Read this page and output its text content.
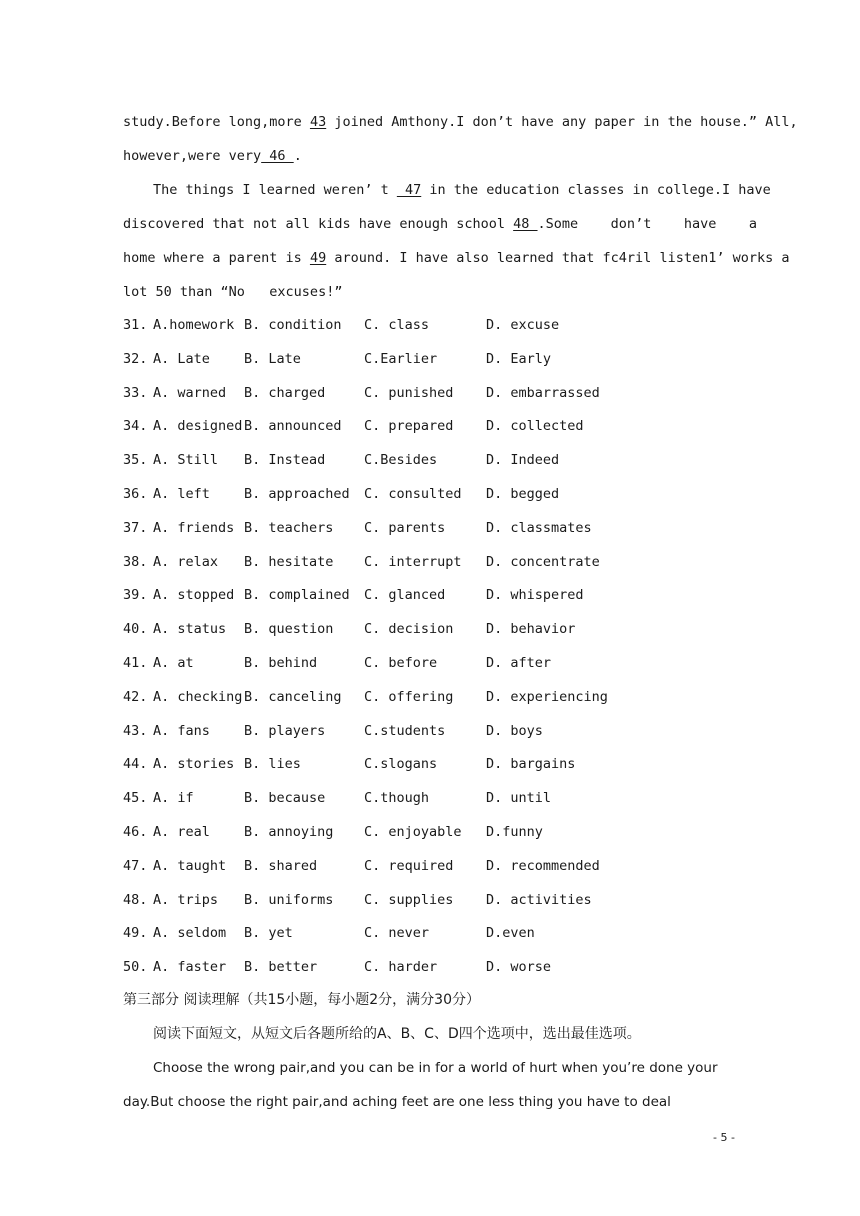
study.Before long,more 43 joined Amthony.I don’t have any paper in the house.” All,
however,were very 46 .
The things I learned weren’ t  47 in the education classes in college.I have
discovered that not all kids have enough school 48 .Some    don’t    have    a
home where a parent is 49 around. I have also learned that fc4ril listen1’ works a
lot 50 than “No   excuses!”
31. A.homework B. condition C. class	D. excuse
32. A. Late	B. Late	C.Earlier	D. Early
33. A. warned B. charged	C. punished D. embarrassed
34. A. designed B. announced C. prepared D. collected
35. A. Still B. Instead	C.Besides	D. Indeed
36. A. left	B. approached C. consulted D. begged
37. A. friends B. teachers C. parents	D. classmates
38. A. relax B. hesitate C. interrupt D. concentrate
39. A. stopped B. complained C. glanced	D. whispered
40. A. status B. question C. decision D. behavior
41. A. at	B. behind	C. before	D. after
42. A. checking B. canceling C. offering D. experiencing
43. A. fans	B. players	C.students	D. boys
44. A. stories B. lies	C.slogans	D. bargains
45. A. if	B. because	C.though	D. until
46. A. real	B. annoying C. enjoyable D.funny
47. A. taught B. shared	C. required D. recommended
48. A. trips B. uniforms C. supplies D. activities
49. A. seldom B. yet	C. never	D.even
50. A. faster B. better	C. harder	D. worse
第三部分 阅读理解（共15小题，每小题2分，满分30分）
阅读下面短文，从短文后各题所给的A、B、C、D四个选项中，选出最佳选项。
Choose the wrong pair,and you can be in for a world of hurt when you’re done your
day.But choose the right pair,and aching feet are one less thing you have to deal
- 5 -
